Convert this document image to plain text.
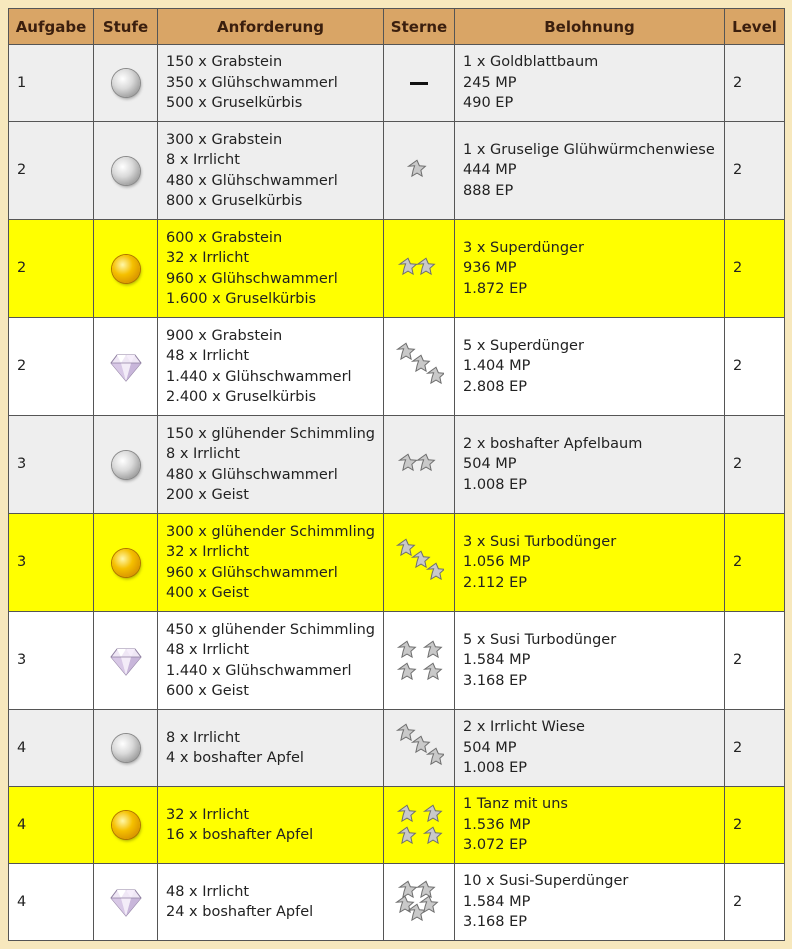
Aufgabe	Stufe	Anforderung	Sterne	Belohnung	Level
1		150 x Grabstein
350 x Glühschwammerl
500 x Gruselkürbis		1 x Goldblattbaum
245 MP
490 EP	2
2		300 x Grabstein
8 x Irrlicht
480 x Glühschwammerl
800 x Gruselkürbis		1 x Gruselige Glühwürmchenwiese
444 MP
888 EP	2
2		600 x Grabstein
32 x Irrlicht
960 x Glühschwammerl
1.600 x Gruselkürbis		3 x Superdünger
936 MP
1.872 EP	2
2		900 x Grabstein
48 x Irrlicht
1.440 x Glühschwammerl
2.400 x Gruselkürbis		5 x Superdünger
1.404 MP
2.808 EP	2
3		150 x glühender Schimmling
8 x Irrlicht
480 x Glühschwammerl
200 x Geist		2 x boshafter Apfelbaum
504 MP
1.008 EP	2
3		300 x glühender Schimmling
32 x Irrlicht
960 x Glühschwammerl
400 x Geist		3 x Susi Turbodünger
1.056 MP
2.112 EP	2
3		450 x glühender Schimmling
48 x Irrlicht
1.440 x Glühschwammerl
600 x Geist		5 x Susi Turbodünger
1.584 MP
3.168 EP	2
4		8 x Irrlicht
4 x boshafter Apfel		2 x Irrlicht Wiese
504 MP
1.008 EP	2
4		32 x Irrlicht
16 x boshafter Apfel		1 Tanz mit uns
1.536 MP
3.072 EP	2
4		48 x Irrlicht
24 x boshafter Apfel		10 x Susi-Superdünger
1.584 MP
3.168 EP	2
